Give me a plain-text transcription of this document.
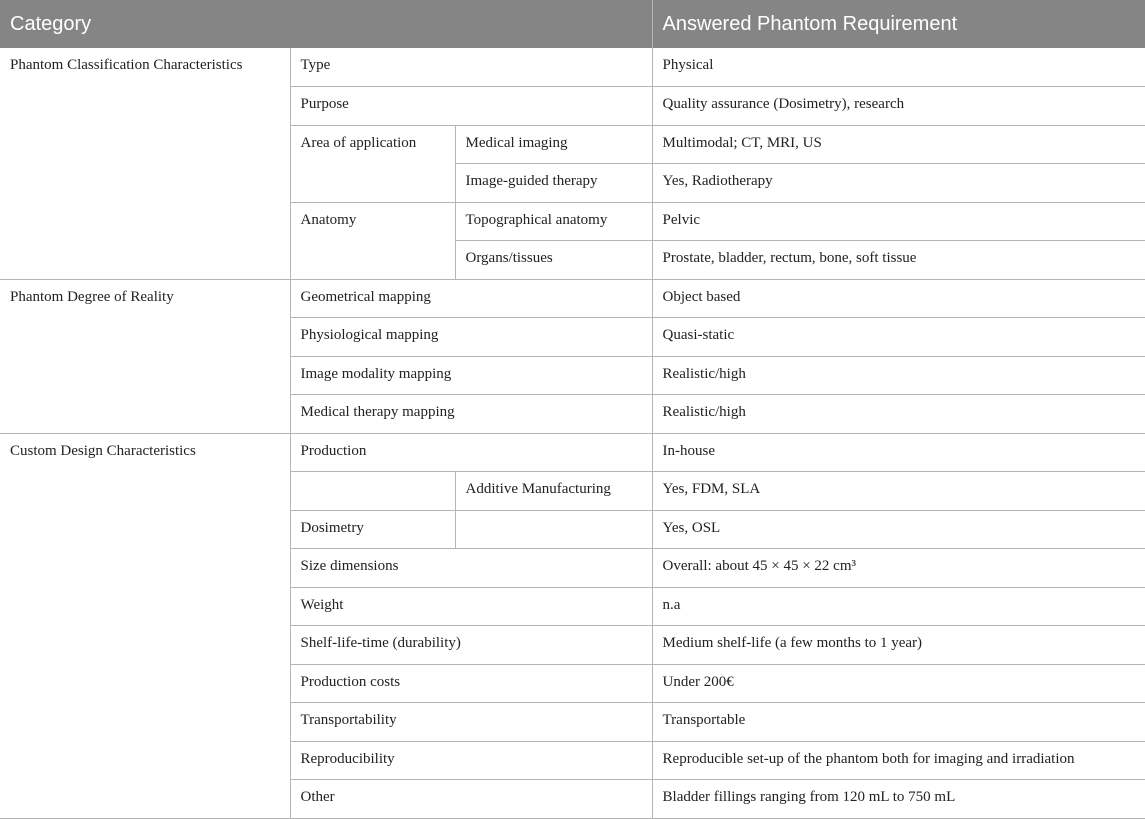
Category			Answered Phantom Requirement
Phantom Classification Characteristics	Type		Physical
	Purpose		Quality assurance (Dosimetry), research
	Area of application	Medical imaging	Multimodal; CT, MRI, US
		Image-guided therapy	Yes, Radiotherapy
	Anatomy	Topographical anatomy	Pelvic
		Organs/tissues	Prostate, bladder, rectum, bone, soft tissue
Phantom Degree of Reality	Geometrical mapping		Object based
	Physiological mapping		Quasi-static
	Image modality mapping		Realistic/high
	Medical therapy mapping		Realistic/high
Custom Design Characteristics	Production		In-house
		Additive Manufacturing	Yes, FDM, SLA
	Dosimetry		Yes, OSL
	Size dimensions		Overall: about 45 × 45 × 22 cm³
	Weight		n.a
	Shelf-life-time (durability)		Medium shelf-life (a few months to 1 year)
	Production costs		Under 200€
	Transportability		Transportable
	Reproducibility		Reproducible set-up of the phantom both for imaging and irradiation
	Other		Bladder fillings ranging from 120 mL to 750 mL
